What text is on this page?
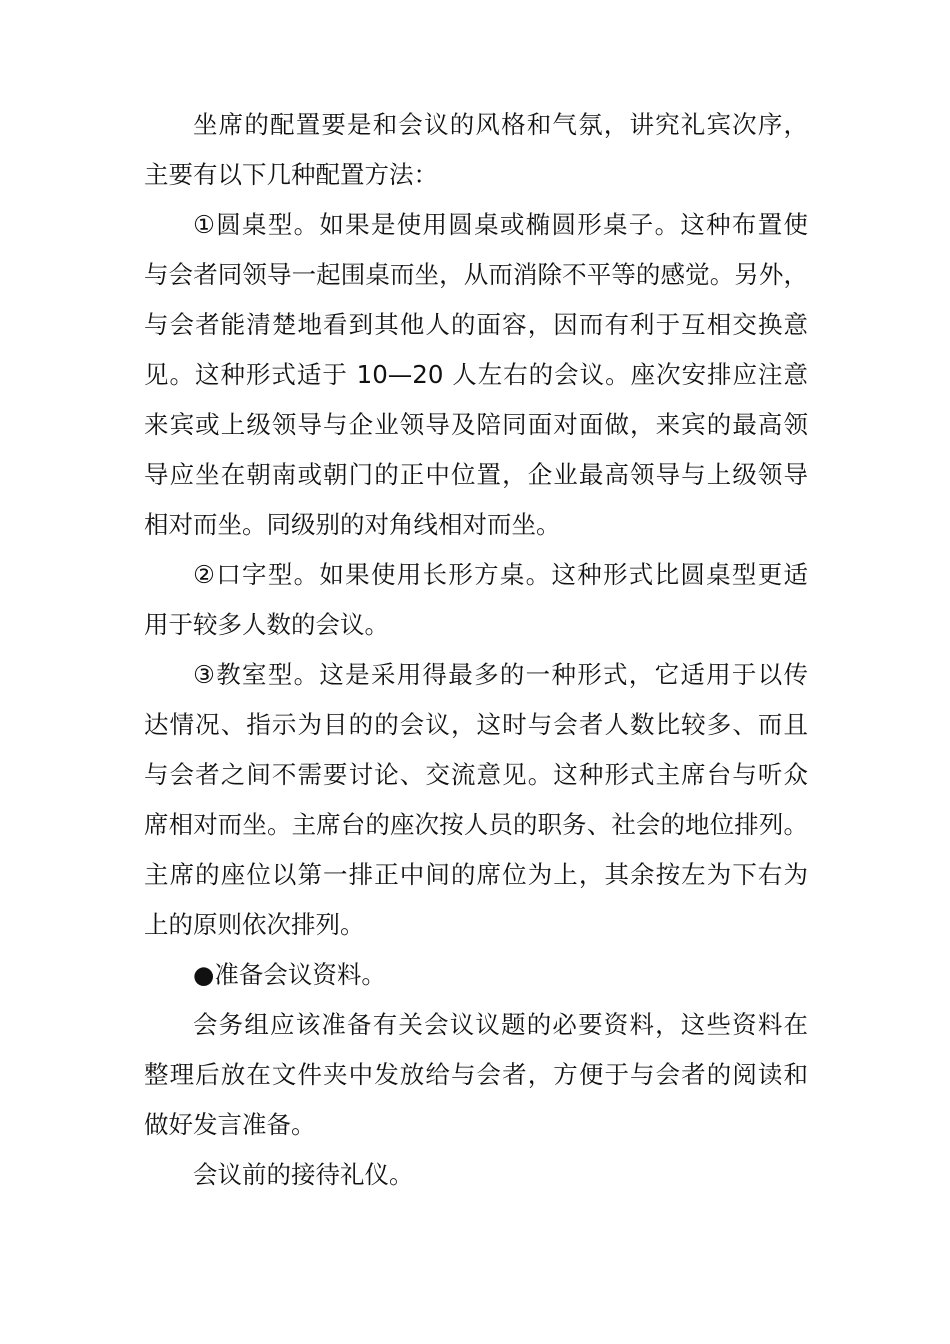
坐席的配置要是和会议的风格和气氛，讲究礼宾次序，
主要有以下几种配置方法：
①圆桌型。如果是使用圆桌或椭圆形桌子。这种布置使
与会者同领导一起围桌而坐，从而消除不平等的感觉。另外，
与会者能清楚地看到其他人的面容，因而有利于互相交换意
见。这种形式适于 10—20 人左右的会议。座次安排应注意
来宾或上级领导与企业领导及陪同面对面做，来宾的最高领
导应坐在朝南或朝门的正中位置，企业最高领导与上级领导
相对而坐。同级别的对角线相对而坐。
②口字型。如果使用长形方桌。这种形式比圆桌型更适
用于较多人数的会议。
③教室型。这是采用得最多的一种形式，它适用于以传
达情况、指示为目的的会议，这时与会者人数比较多、而且
与会者之间不需要讨论、交流意见。这种形式主席台与听众
席相对而坐。主席台的座次按人员的职务、社会的地位排列。
主席的座位以第一排正中间的席位为上，其余按左为下右为
上的原则依次排列。
●准备会议资料。
会务组应该准备有关会议议题的必要资料，这些资料在
整理后放在文件夹中发放给与会者，方便于与会者的阅读和
做好发言准备。
会议前的接待礼仪。
